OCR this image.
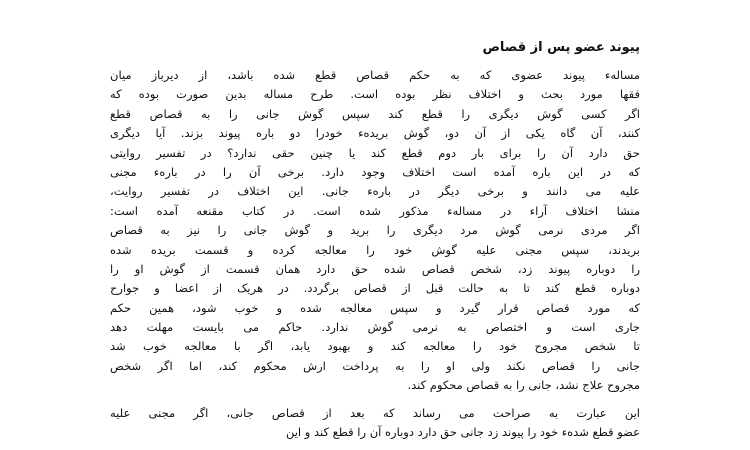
پیوند عضو پس از قصاص
مسالهء پیوند عضوی که به حکم قصاص قطع شده باشد، از دیرباز میان
فقها مورد بحث و اختلاف نظر بوده است. طرح مساله بدین صورت بوده که
اگر کسی گوش دیگری را قطع کند سپس گوش جانی را به قصاص قطع
کنند، آن گاه یکی از آن دو، گوش بریدهء خودرا دو باره پیوند بزند. آیا دیگری
حق دارد آن را برای بار دوم قطع کند یا چنین حقی ندارد؟ در تفسیر روایتی
که در این باره آمده است اختلاف وجود دارد. برخی آن را در بارهء مجنی
علیه می دانند و برخی دیگر در بارهء جانی. این اختلاف در تفسیر روایت،
منشا اختلاف آراء در مسالهء مذکور شده است. در کتاب مقنعه آمده است:
اگر مردی نرمی گوش مرد دیگری را برید و گوش جانی را نیز به قصاص
بریدند، سپس مجنی علیه گوش خود را معالجه کرده و قسمت بریده شده
را دوباره پیوند زد، شخص قصاص شده حق دارد همان قسمت از گوش او را
دوباره قطع کند تا به حالت قبل از قصاص برگردد. در هریک از اعضا و جوارح
که مورد قصاص قرار گیرد و سپس معالجه شده و خوب شود، همین حکم
جاری است و اختصاص به نرمی گوش ندارد. حاکم می بایست مهلت دهد
تا شخص مجروح خود را معالجه کند و بهبود یابد، اگر با معالجه خوب شد
جانی را قصاص نکند ولی او را به پرداخت ارش محکوم کند، اما اگر شخص
مجروح علاج نشد، جانی را به قصاص محکوم کند.
این عبارت به صراحت می رساند که بعد از قصاص جانی، اگر مجنی علیه
عضو قطع شدهء خود را پیوند زد جانی حق دارد دوباره آن را قطع کند و این
